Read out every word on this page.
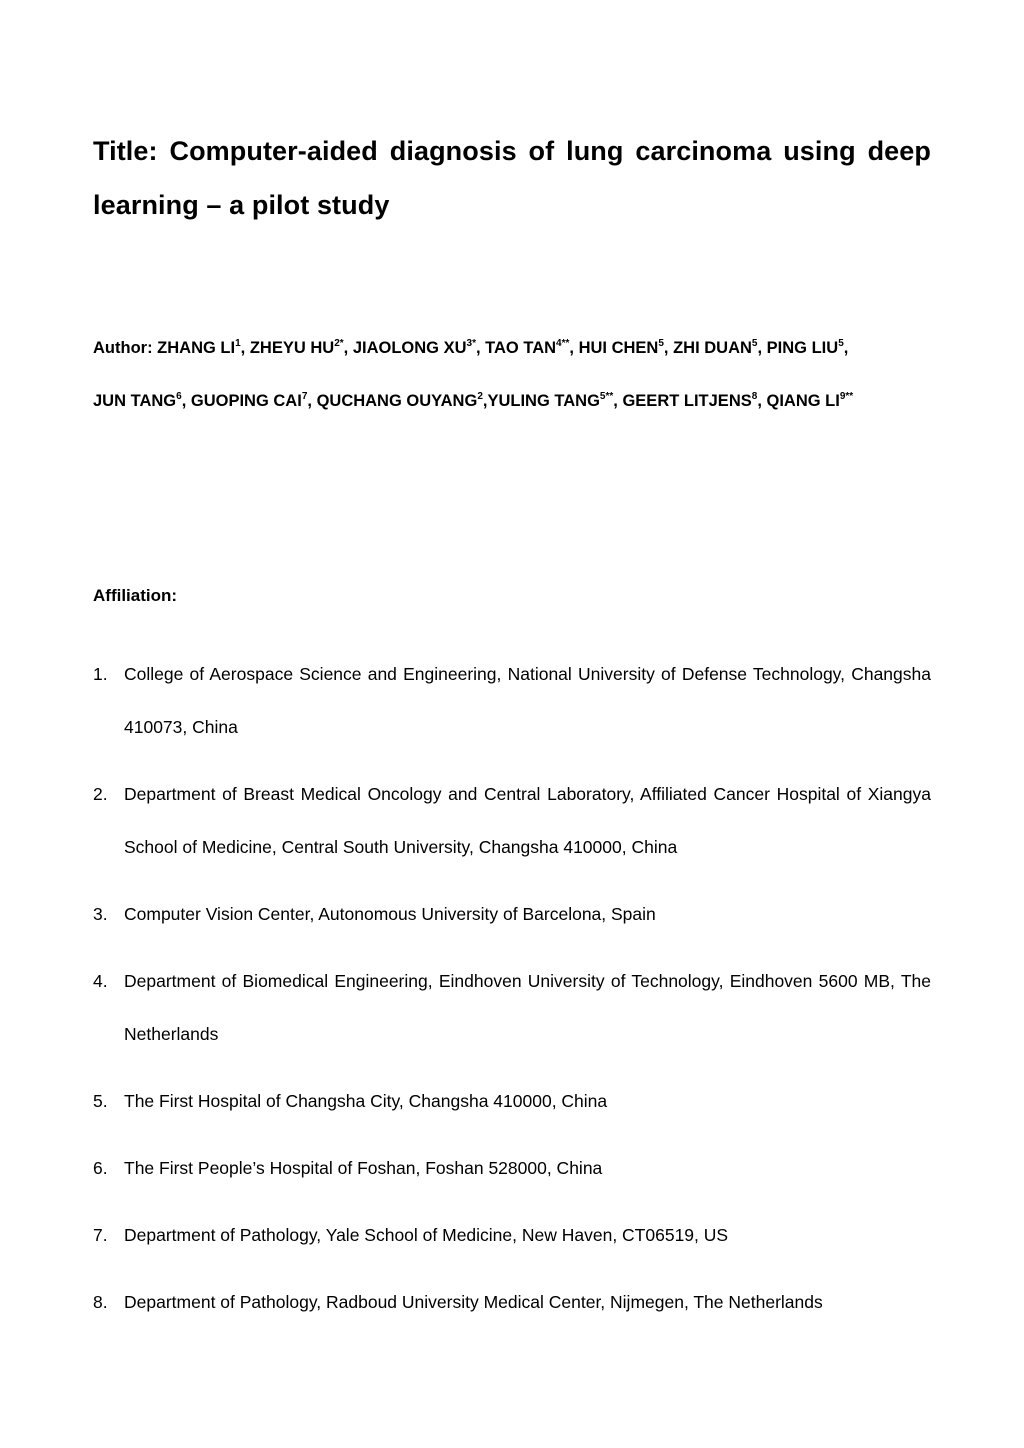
Title: Computer-aided diagnosis of lung carcinoma using deep learning – a pilot study
Author: ZHANG $LI^1$, ZHEYU $HU^{2*}$, JIAOLONG $XU^{3*}$, TAO $TAN^{4**}$, HUI CHEN$^5$, ZHI DUAN$^5$, PING LIU$^5$,
JUN TANG$^6$, GUOPING CAI$^7$, QUCHANG OUYANG$^2$,YULING $TANG^{5**}$, GEERT LITJENS$^8$, QIANG $LI^{9**}$
Affiliation:
1. College of Aerospace Science and Engineering, National University of Defense Technology, Changsha 410073, China
2. Department of Breast Medical Oncology and Central Laboratory, Affiliated Cancer Hospital of Xiangya School of Medicine, Central South University, Changsha 410000, China
3. Computer Vision Center, Autonomous University of Barcelona, Spain
4. Department of Biomedical Engineering, Eindhoven University of Technology, Eindhoven 5600 MB, The Netherlands
5. The First Hospital of Changsha City, Changsha 410000, China
6. The First People’s Hospital of Foshan, Foshan 528000, China
7. Department of Pathology, Yale School of Medicine, New Haven, CT06519, US
8. Department of Pathology, Radboud University Medical Center, Nijmegen, The Netherlands
